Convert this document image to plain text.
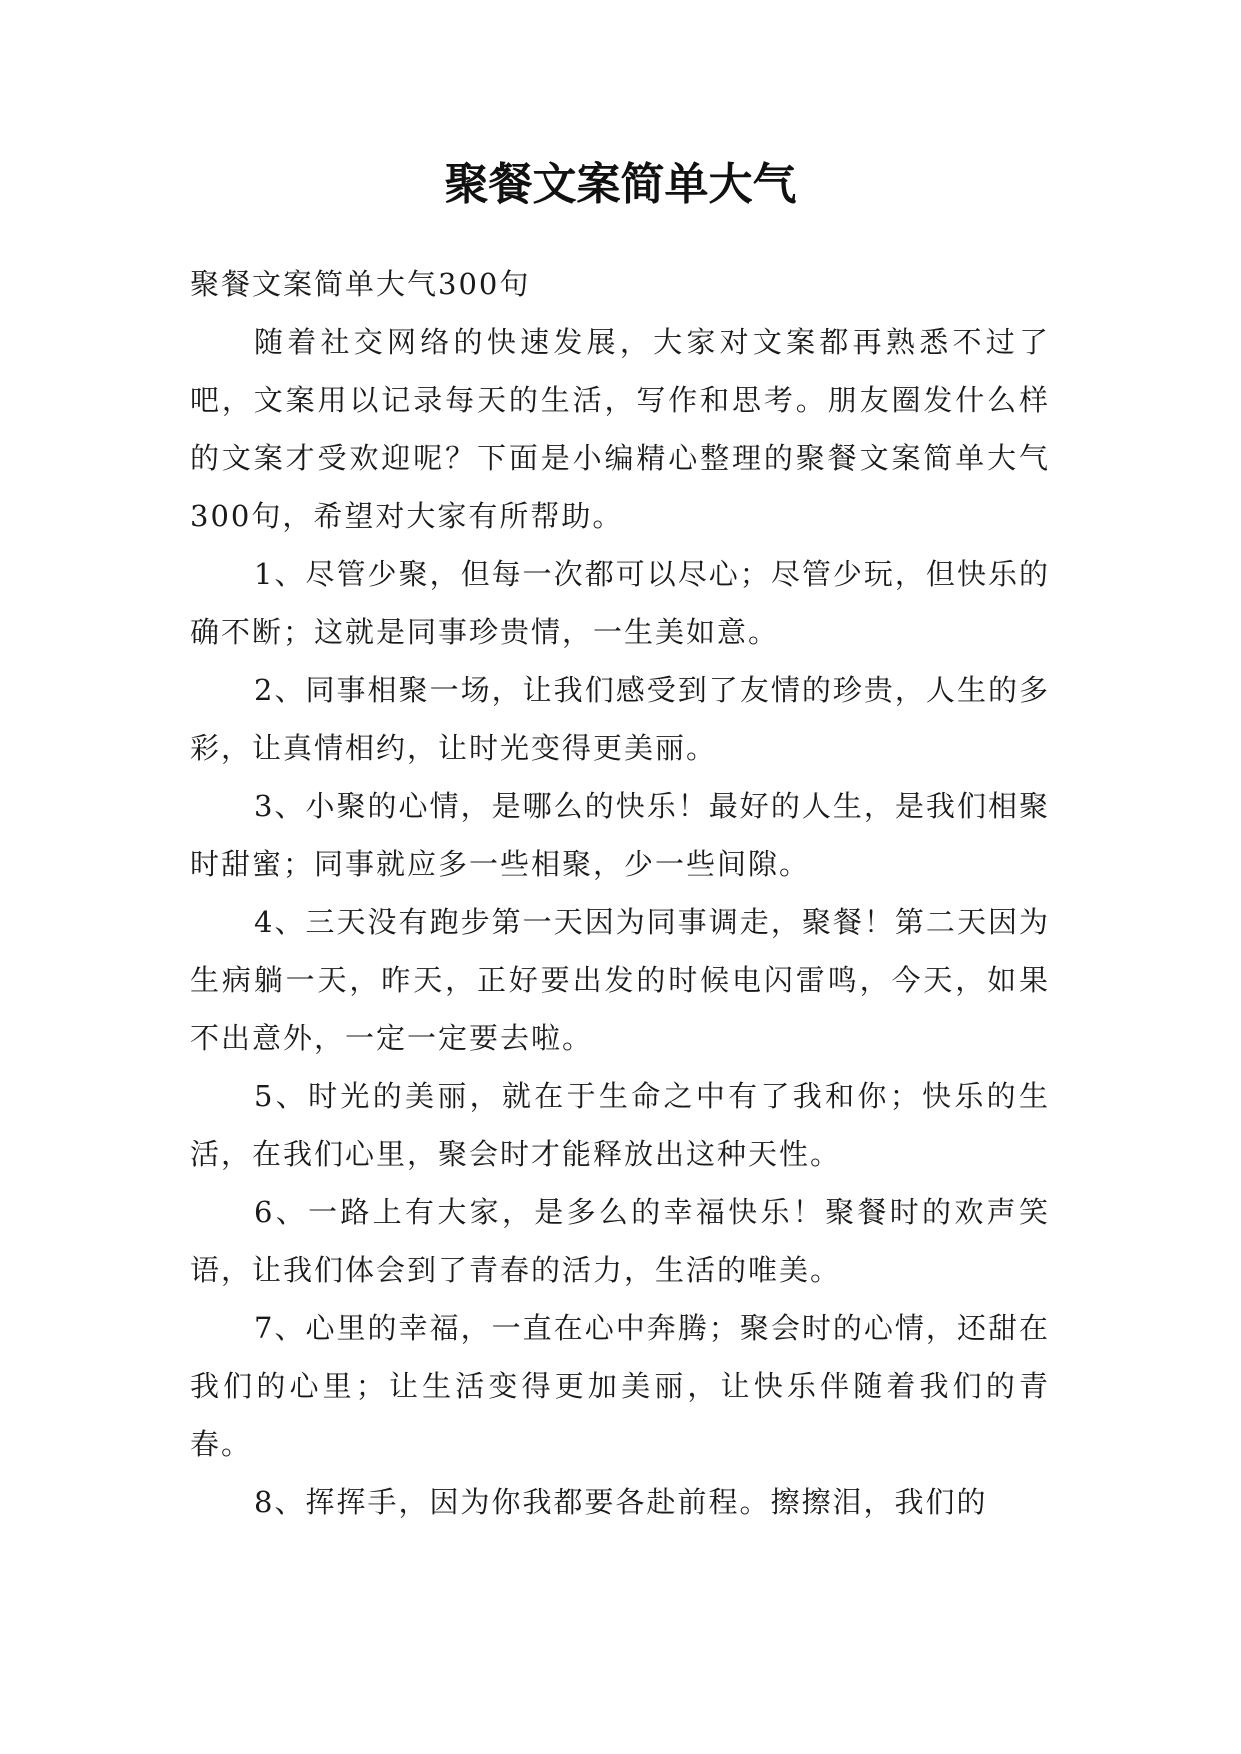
聚餐文案简单大气

聚餐文案简单大气300句

随着社交网络的快速发展，大家对文案都再熟悉不过了吧，文案用以记录每天的生活，写作和思考。朋友圈发什么样的文案才受欢迎呢？下面是小编精心整理的聚餐文案简单大气300句，希望对大家有所帮助。

1、尽管少聚，但每一次都可以尽心；尽管少玩，但快乐的确不断；这就是同事珍贵情，一生美如意。

2、同事相聚一场，让我们感受到了友情的珍贵，人生的多彩，让真情相约，让时光变得更美丽。

3、小聚的心情，是哪么的快乐！最好的人生，是我们相聚时甜蜜；同事就应多一些相聚，少一些间隙。

4、三天没有跑步第一天因为同事调走，聚餐！第二天因为生病躺一天，昨天，正好要出发的时候电闪雷鸣，今天，如果不出意外，一定一定要去啦。

5、时光的美丽，就在于生命之中有了我和你；快乐的生活，在我们心里，聚会时才能释放出这种天性。

6、一路上有大家，是多么的幸福快乐！聚餐时的欢声笑语，让我们体会到了青春的活力，生活的唯美。

7、心里的幸福，一直在心中奔腾；聚会时的心情，还甜在我们的心里；让生活变得更加美丽，让快乐伴随着我们的青春。

8、挥挥手，因为你我都要各赴前程。擦擦泪，我们的
